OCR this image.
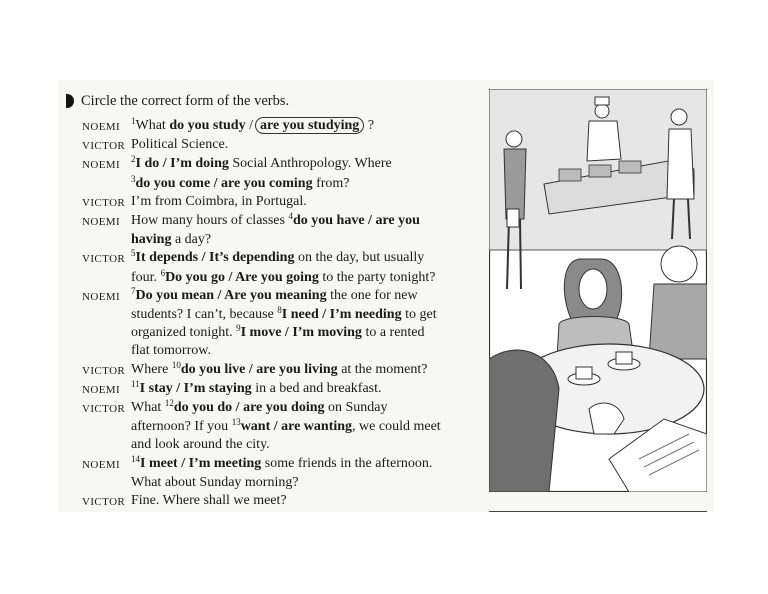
Circle the correct form of the verbs.
NOEMI	$^1$What do you study / are you studying ?
VICTOR Political Science.
NOEMI	$^2$I do / I’m doing Social Anthropology. Where
$^3$do you come / are you coming from?
VICTOR I’m from Coimbra, in Portugal.
NOEMI How many hours of classes $^4$do you have / are you
having a day?
VICTOR $^5$It depends / It’s depending on the day, but usually
four. $^6$Do you go / Are you going to the party tonight?
NOEMI	$^7$Do you mean / Are you meaning the one for new
students? I can’t, because $^8$I need / I’m needing to get
organized tonight. $^9$I move / I’m moving to a rented
flat tomorrow.
VICTOR Where $^{10}$do you live / are you living at the moment?
NOEMI	$^{11}$I stay / I’m staying in a bed and breakfast.
VICTOR What $^{12}$do you do / are you doing on Sunday
afternoon? If you $^{13}$want / are wanting, we could meet
and look around the city.
NOEMI	$^{14}$I meet / I’m meeting some friends in the afternoon.
What about Sunday morning?
VICTOR Fine. Where shall we meet?
